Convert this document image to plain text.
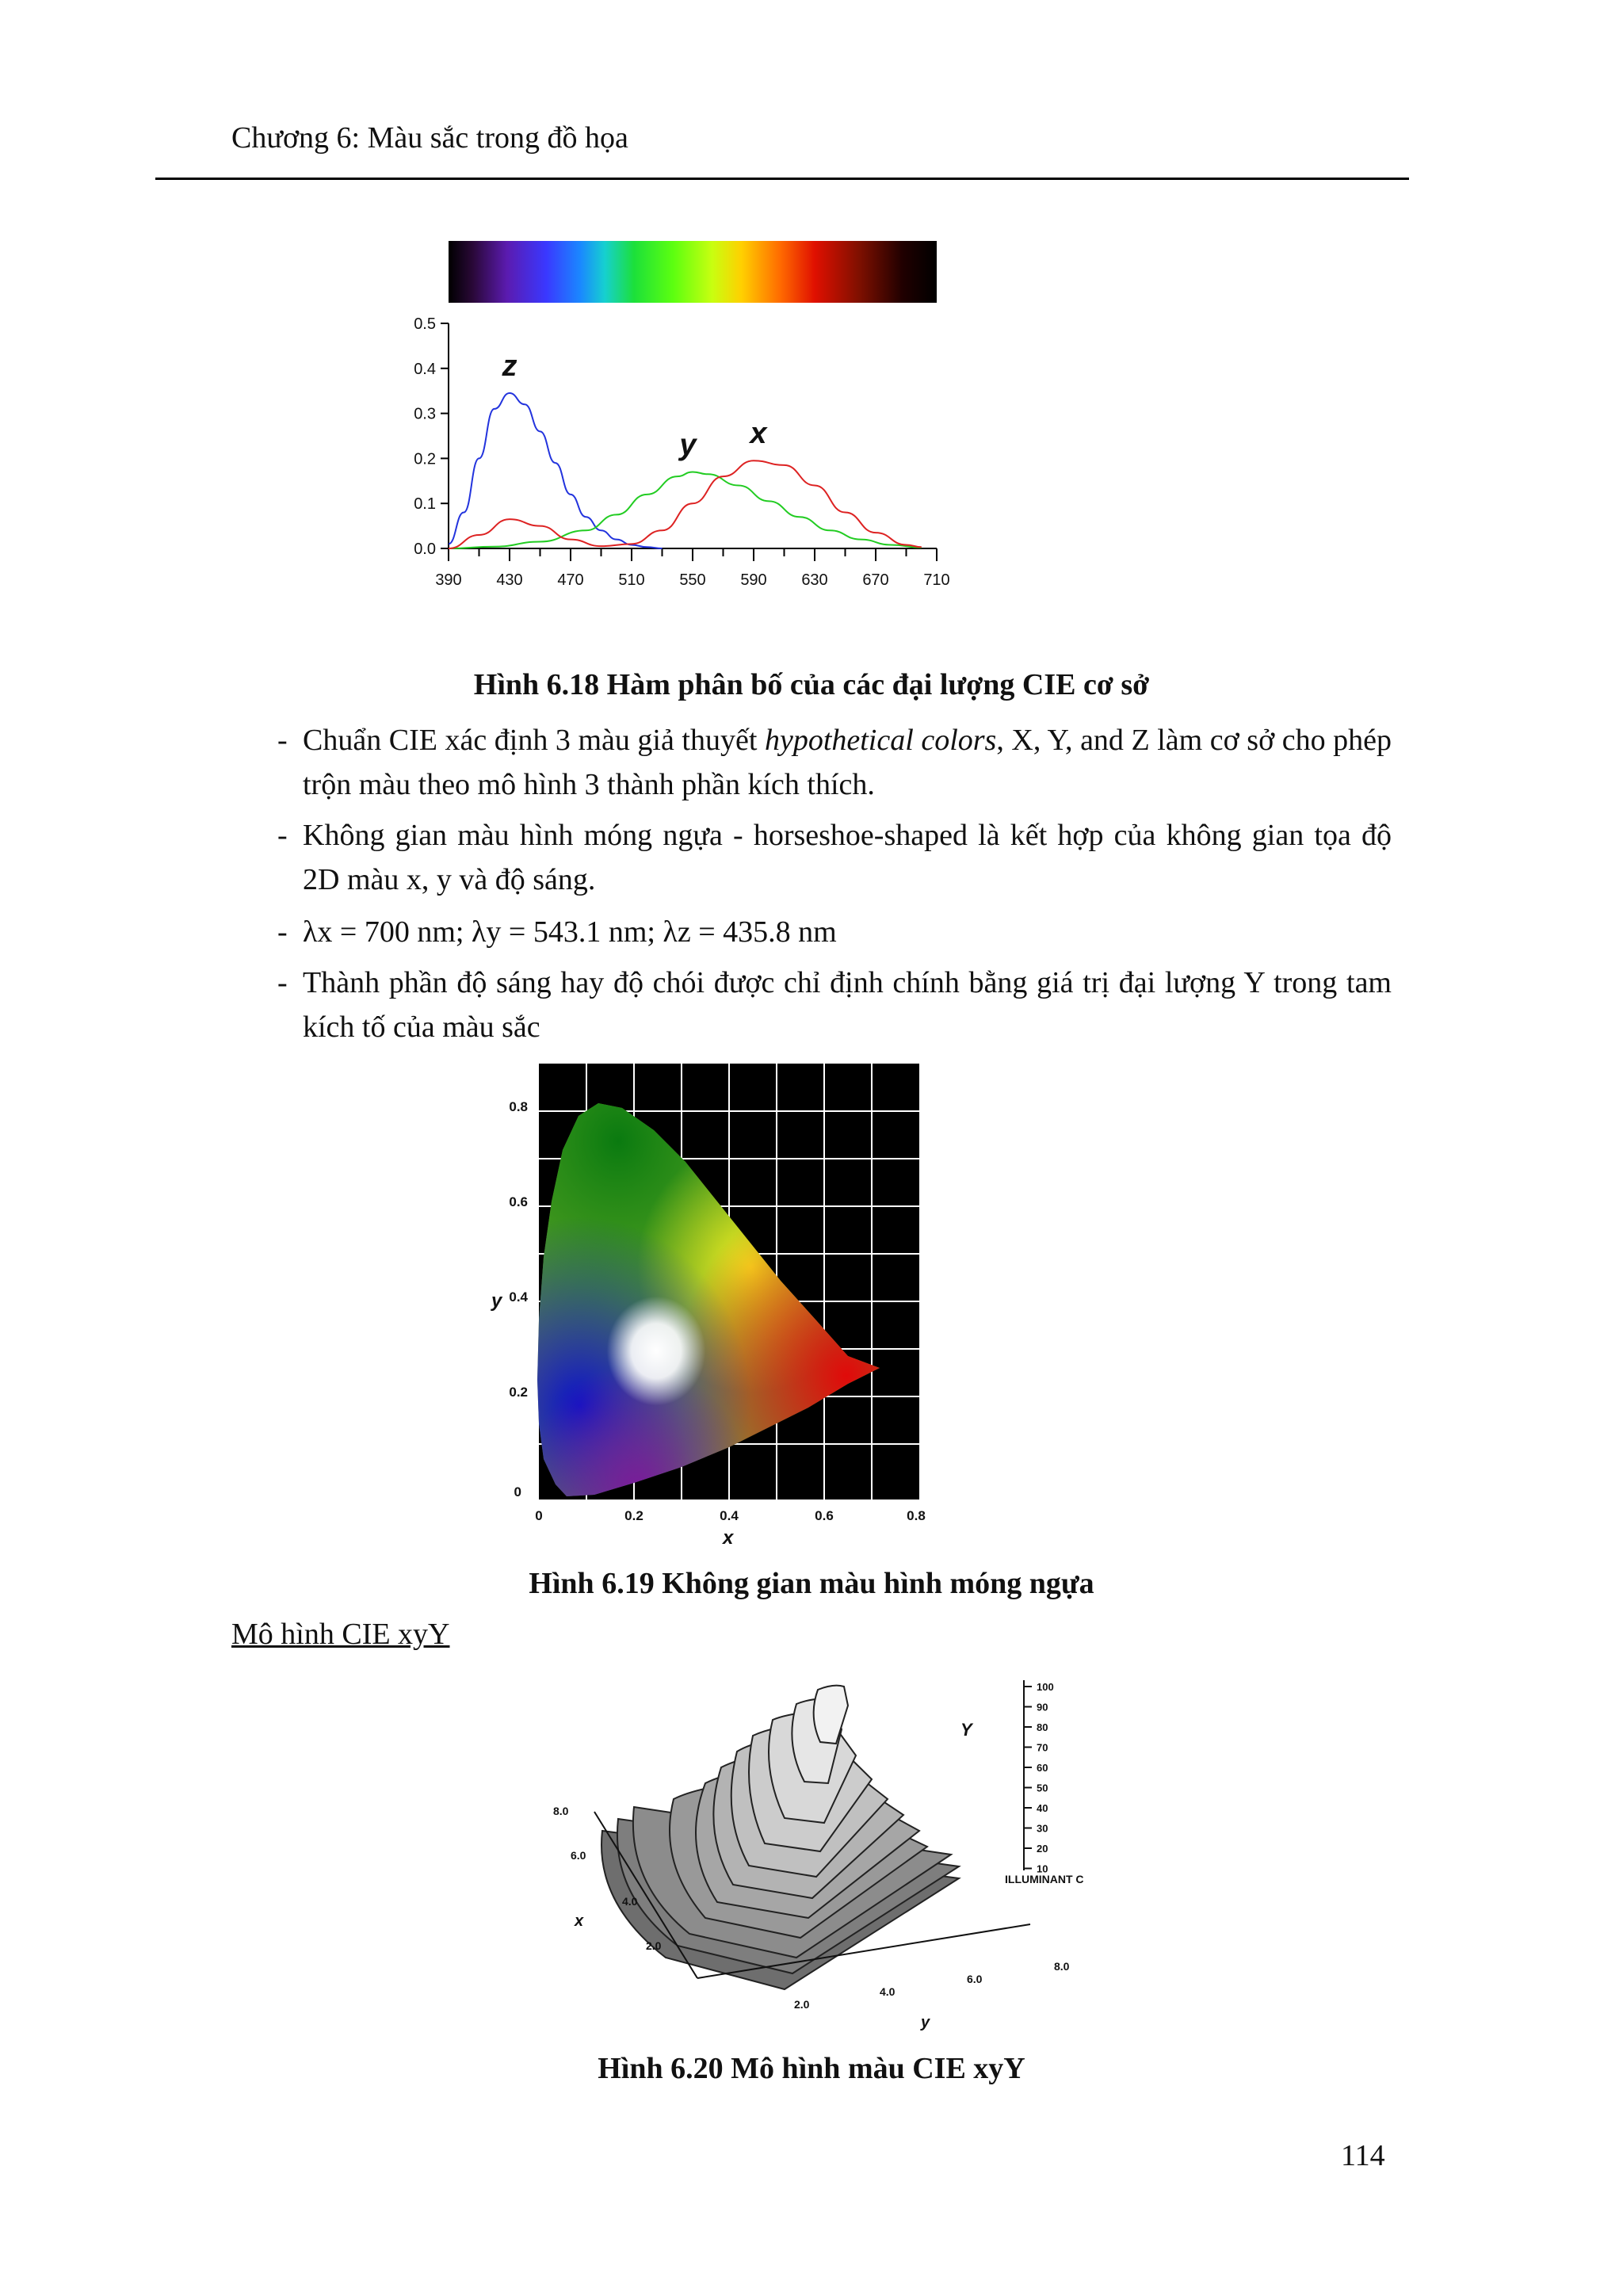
Chương 6: Màu sắc trong đồ họa
0.0
0.1
0.2
0.3
0.4
0.5
390 430 470 510 550 590 630 670 710
z
y x
Hình 6.18 Hàm phân bố của các đại lượng CIE cơ sở
- Chuẩn CIE xác định 3 màu giả thuyết hypothetical colors, X, Y, and Z làm cơ sở cho phép trộn màu theo mô hình 3 thành phần kích thích.
- Không gian màu hình móng ngựa - horseshoe-shaped là kết hợp của không gian tọa độ 2D màu x, y và độ sáng.
- λx = 700 nm; λy = 543.1 nm; λz = 435.8 nm
- Thành phần độ sáng hay độ chói được chỉ định chính bằng giá trị đại lượng Y trong tam kích tố của màu sắc
0.8
0.6
0.4
0.2
0
0	0.2	0.4	0.6	0.8
y
x
Hình 6.19 Không gian màu hình móng ngựa
Mô hình CIE xyY
8.0
6.0
4.0
2.0
x
2.0
4.0
6.0
8.0
y
Y
100
90
80
70
60
50
40
30
20
10
ILLUMINANT C
Hình 6.20 Mô hình màu CIE xyY
114
